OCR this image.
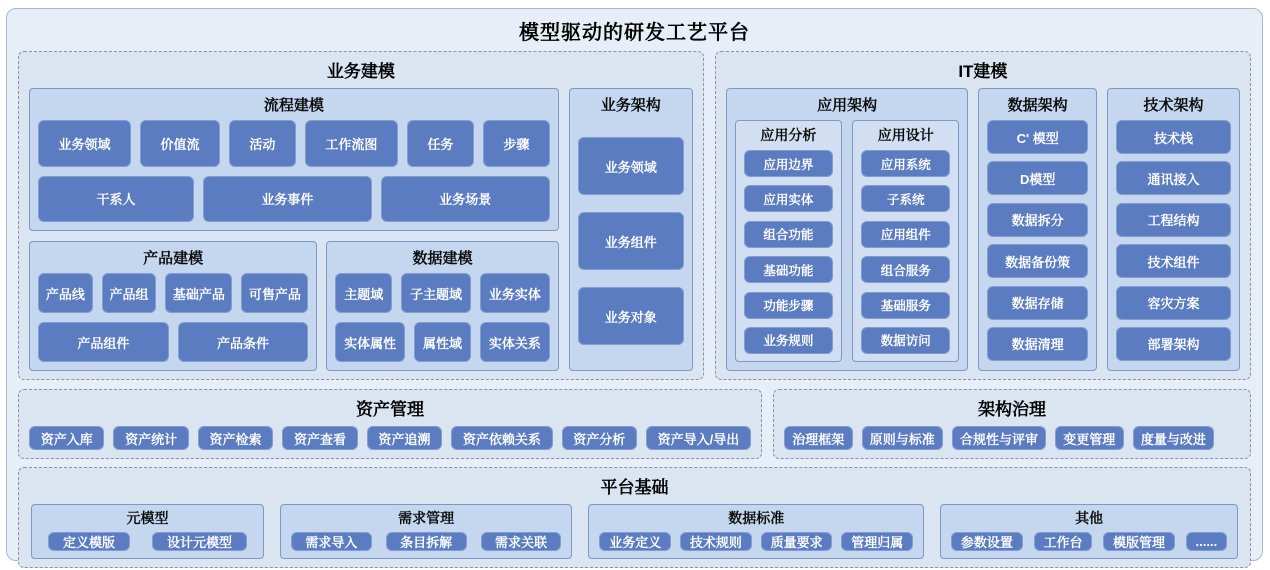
模型驱动的研发工艺平台
业务建模
流程建模
业务领域	价值流	活动	工作流图	任务	步骤
干系人	业务事件	业务场景
产品建模
产品线	产品组	基础产品	可售产品
产品组件	产品条件
数据建模
主题域	子主题域	业务实体
实体属性	属性域	实体关系
业务架构
业务领域
业务组件
业务对象
IT建模
应用架构
应用分析
应用边界
应用实体
组合功能
基础功能
功能步骤
业务规则
应用设计
应用系统
子系统
应用组件
组合服务
基础服务
数据访问
数据架构
C' 模型
D模型
数据拆分
数据备份策
数据存储
数据清理
技术架构
技术栈
通讯接入
工程结构
技术组件
容灾方案
部署架构
资产管理
资产入库	资产统计	资产检索	资产查看	资产追溯	资产依赖关系	资产分析	资产导入/导出
架构治理
治理框架	原则与标准	合规性与评审	变更管理	度量与改进
平台基础
元模型
定义模版	设计元模型
需求管理
需求导入	条目拆解	需求关联
数据标准
业务定义	技术规则	质量要求	管理归属
其他
参数设置	工作台	模版管理	......
